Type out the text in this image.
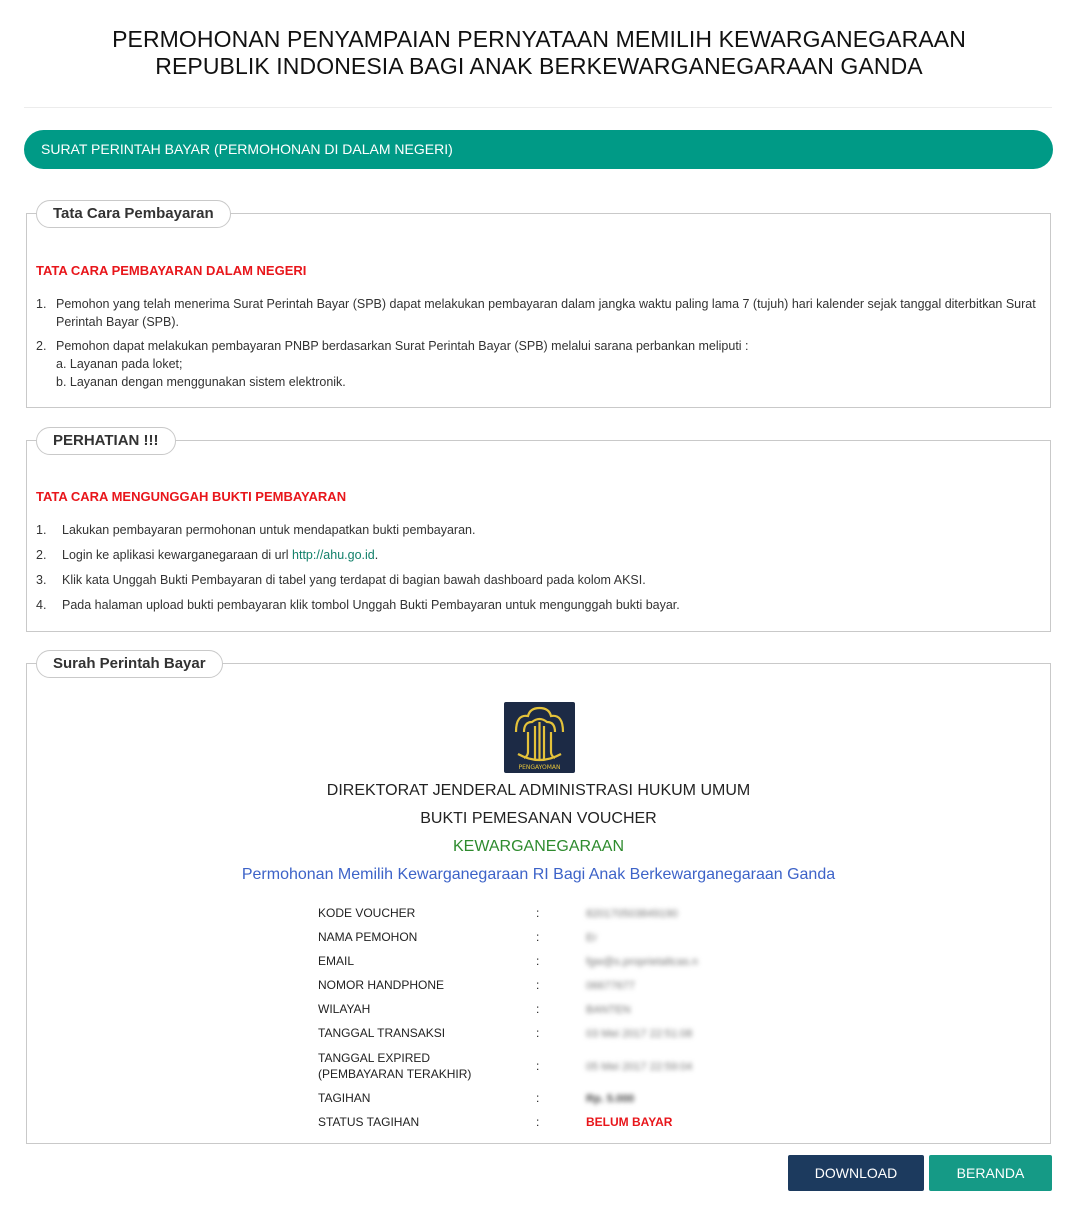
PERMOHONAN PENYAMPAIAN PERNYATAAN MEMILIH KEWARGANEGARAAN
REPUBLIK INDONESIA BAGI ANAK BERKEWARGANEGARAAN GANDA
SURAT PERINTAH BAYAR (PERMOHONAN DI DALAM NEGERI)
Tata Cara Pembayaran
TATA CARA PEMBAYARAN DALAM NEGERI
1. Pemohon yang telah menerima Surat Perintah Bayar (SPB) dapat melakukan pembayaran dalam jangka waktu paling lama 7 (tujuh) hari kalender sejak tanggal diterbitkan Surat Perintah Bayar (SPB).
2. Pemohon dapat melakukan pembayaran PNBP berdasarkan Surat Perintah Bayar (SPB) melalui sarana perbankan meliputi :
a. Layanan pada loket;
b. Layanan dengan menggunakan sistem elektronik.
PERHATIAN !!!
TATA CARA MENGUNGGAH BUKTI PEMBAYARAN
1. Lakukan pembayaran permohonan untuk mendapatkan bukti pembayaran.
2. Login ke aplikasi kewarganegaraan di url http://ahu.go.id.
3. Klik kata Unggah Bukti Pembayaran di tabel yang terdapat di bagian bawah dashboard pada kolom AKSI.
4. Pada halaman upload bukti pembayaran klik tombol Unggah Bukti Pembayaran untuk mengunggah bukti bayar.
Surah Perintah Bayar
PENGAYOMAN
DIREKTORAT JENDERAL ADMINISTRASI HUKUM UMUM
BUKTI PEMESANAN VOUCHER
KEWARGANEGARAAN
Permohonan Memilih Kewarganegaraan RI Bagi Anak Berkewarganegaraan Ganda
KODE VOUCHER	:	820170503849190
NAMA PEMOHON	:	Er
EMAIL	:	fgw@s.proprietaltcas.n
NOMOR HANDPHONE	:	06677677
WILAYAH	:	BANTEN
TANGGAL TRANSAKSI	:	03 Mei 2017 22:51:08

TANGGAL EXPIRED
(PEMBAYARAN TERAKHIR)	:	05 Mei 2017 22:59:04
TAGIHAN	:	Rp. 5.000
STATUS TAGIHAN	:	BELUM BAYAR
DOWNLOAD	BERANDA
